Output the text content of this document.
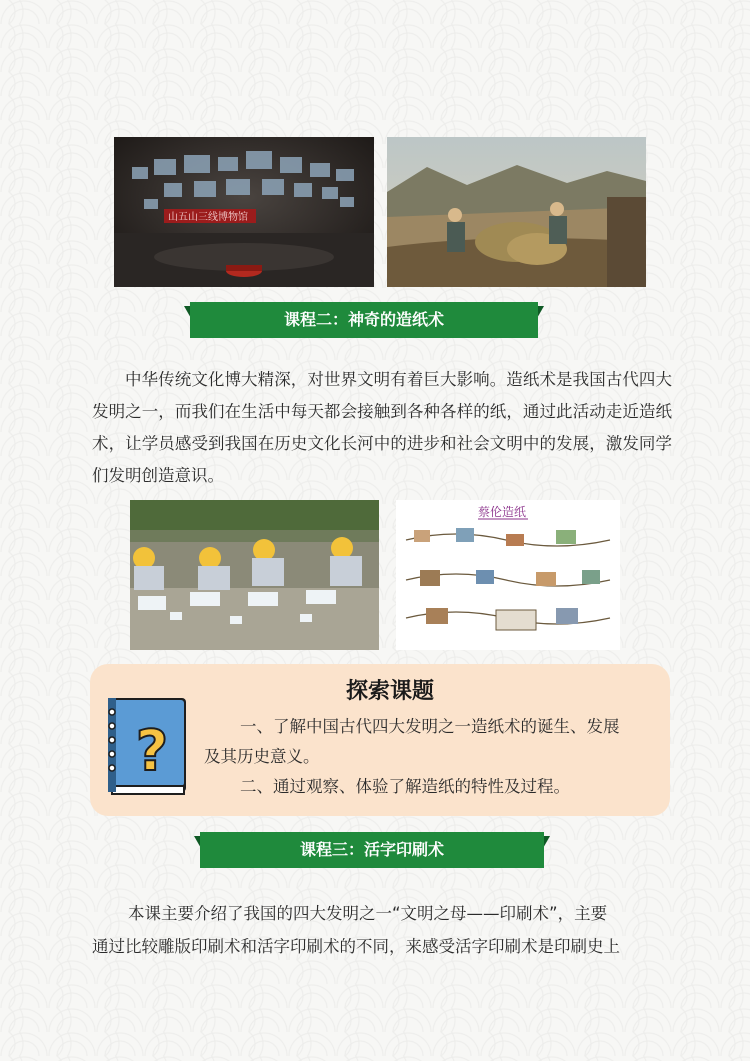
山五山三线博物馆
课程二：神奇的造纸术

中华传统文化博大精深，对世界文明有着巨大影响。造纸术是我国古代四大发明之一，而我们在生活中每天都会接触到各种各样的纸，通过此活动走近造纸术，让学员感受到我国在历史文化长河中的进步和社会文明中的发展，激发同学们发明创造意识。

蔡伦造纸
?
探索课题
一、了解中国古代四大发明之一造纸术的诞生、发展
及其历史意义。
二、通过观察、体验了解造纸的特性及过程。
课程三：活字印刷术
本课主要介绍了我国的四大发明之一“文明之母——印刷术”，主要
通过比较雕版印刷术和活字印刷术的不同，来感受活字印刷术是印刷史上
